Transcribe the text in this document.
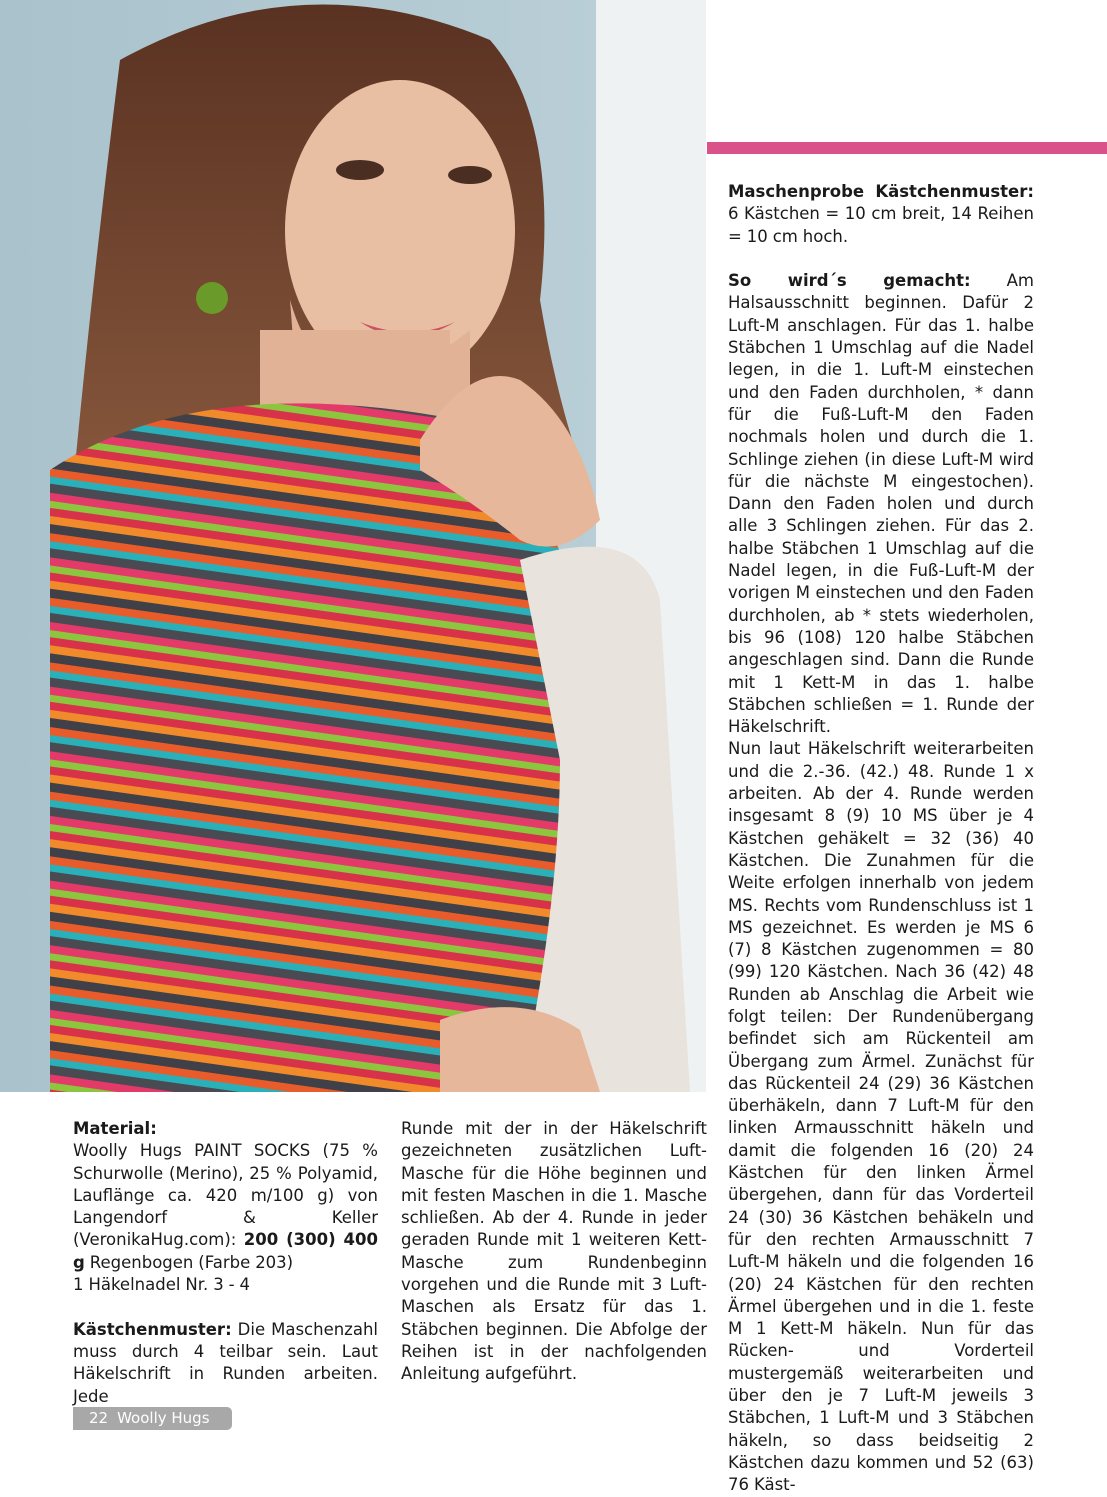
Material:

Woolly Hugs PAINT SOCKS (75 % Schurwolle (Merino), 25 % Polyamid, Lauflänge ca. 420 m/100 g) von Langendorf & Keller (VeronikaHug.com): 200 (300) 400 g Regenbogen (Farbe 203)

1 Häkelnadel Nr. 3 - 4

Kästchenmuster: Die Maschenzahl muss durch 4 teilbar sein. Laut Häkelschrift in Runden arbeiten. Jede

Runde mit der in der Häkelschrift gezeichneten zusätzlichen Luft-Masche für die Höhe beginnen und mit festen Maschen in die 1. Masche schließen. Ab der 4. Runde in jeder geraden Runde mit 1 weiteren Kett-Masche zum Rundenbeginn vorgehen und die Runde mit 3 Luft-Maschen als Ersatz für das 1. Stäbchen beginnen. Die Abfolge der Reihen ist in der nachfolgenden Anleitung aufgeführt.

Maschenprobe Kästchenmuster: 6 Kästchen = 10 cm breit, 14 Reihen = 10 cm hoch.

So wird´s gemacht: Am Halsausschnitt beginnen. Dafür 2 Luft-M anschlagen. Für das 1. halbe Stäbchen 1 Umschlag auf die Nadel legen, in die 1. Luft-M einstechen und den Faden durchholen, * dann für die Fuß-Luft-M den Faden nochmals holen und durch die 1. Schlinge ziehen (in diese Luft-M wird für die nächste M eingestochen). Dann den Faden holen und durch alle 3 Schlingen ziehen. Für das 2. halbe Stäbchen 1 Umschlag auf die Nadel legen, in die Fuß-Luft-M der vorigen M einstechen und den Faden durchholen, ab * stets wiederholen, bis 96 (108) 120 halbe Stäbchen angeschlagen sind. Dann die Runde mit 1 Kett-M in das 1. halbe Stäbchen schließen = 1. Runde der Häkelschrift.

Nun laut Häkelschrift weiterarbeiten und die 2.-36. (42.) 48. Runde 1 x arbeiten. Ab der 4. Runde werden insgesamt 8 (9) 10 MS über je 4 Kästchen gehäkelt = 32 (36) 40 Kästchen. Die Zunahmen für die Weite erfolgen innerhalb von jedem MS. Rechts vom Rundenschluss ist 1 MS gezeichnet. Es werden je MS 6 (7) 8 Kästchen zugenommen = 80 (99) 120 Kästchen. Nach 36 (42) 48 Runden ab Anschlag die Arbeit wie folgt teilen: Der Rundenübergang befindet sich am Rückenteil am Übergang zum Ärmel. Zunächst für das Rückenteil 24 (29) 36 Kästchen überhäkeln, dann 7 Luft-M für den linken Armausschnitt häkeln und damit die folgenden 16 (20) 24 Kästchen für den linken Ärmel übergehen, dann für das Vorderteil 24 (30) 36 Kästchen behäkeln und für den rechten Armausschnitt 7 Luft-M häkeln und die folgenden 16 (20) 24 Kästchen für den rechten Ärmel übergehen und in die 1. feste M 1 Kett-M häkeln. Nun für das Rücken- und Vorderteil mustergemäß weiterarbeiten und über den je 7 Luft-M jeweils 3 Stäbchen, 1 Luft-M und 3 Stäbchen häkeln, so dass beidseitig 2 Kästchen dazu kommen und 52 (63) 76 Käst-

22 Woolly Hugs
